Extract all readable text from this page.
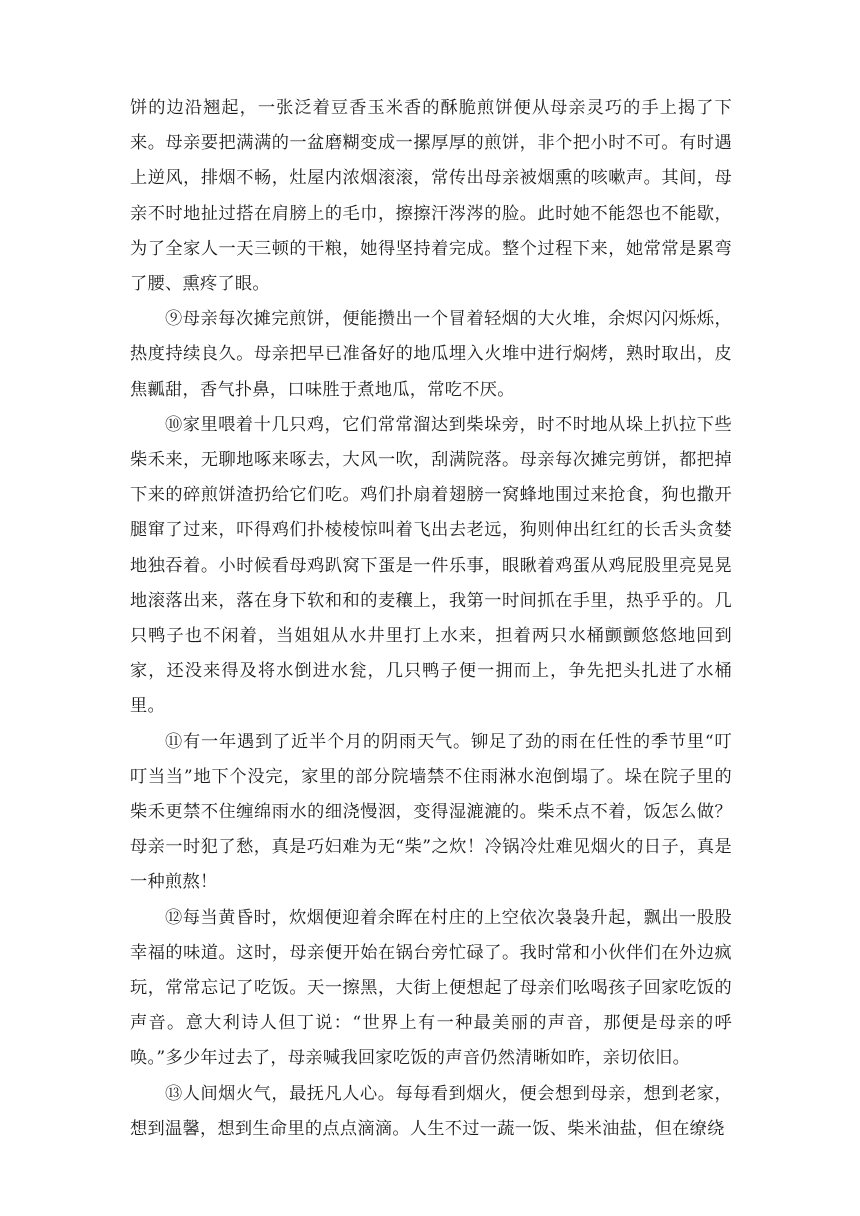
饼的边沿翘起，一张泛着豆香玉米香的酥脆煎饼便从母亲灵巧的手上揭了下来。母亲要把满满的一盆磨糊变成一摞厚厚的煎饼，非个把小时不可。有时遇上逆风，排烟不畅，灶屋内浓烟滚滚，常传出母亲被烟熏的咳嗽声。其间，母亲不时地扯过搭在肩膀上的毛巾，擦擦汗涔涔的脸。此时她不能怨也不能歇，为了全家人一天三顿的干粮，她得坚持着完成。整个过程下来，她常常是累弯了腰、熏疼了眼。

⑨母亲每次摊完煎饼，便能攒出一个冒着轻烟的大火堆，余烬闪闪烁烁，热度持续良久。母亲把早已准备好的地瓜埋入火堆中进行焖烤，熟时取出，皮焦瓤甜，香气扑鼻，口味胜于煮地瓜，常吃不厌。

⑩家里喂着十几只鸡，它们常常溜达到柴垛旁，时不时地从垛上扒拉下些柴禾来，无聊地啄来啄去，大风一吹，刮满院落。母亲每次摊完剪饼，都把掉下来的碎煎饼渣扔给它们吃。鸡们扑扇着翅膀一窝蜂地围过来抢食，狗也撒开腿窜了过来，吓得鸡们扑棱棱惊叫着飞出去老远，狗则伸出红红的长舌头贪婪地独吞着。小时候看母鸡趴窝下蛋是一件乐事，眼瞅着鸡蛋从鸡屁股里亮晃晃地滚落出来，落在身下软和和的麦穰上，我第一时间抓在手里，热乎乎的。几只鸭子也不闲着，当姐姐从水井里打上水来，担着两只水桶颤颤悠悠地回到家，还没来得及将水倒进水瓮，几只鸭子便一拥而上，争先把头扎进了水桶里。

⑪有一年遇到了近半个月的阴雨天气。铆足了劲的雨在任性的季节里“叮叮当当”地下个没完，家里的部分院墙禁不住雨淋水泡倒塌了。垛在院子里的柴禾更禁不住缠绵雨水的细浇慢洇，变得湿漉漉的。柴禾点不着，饭怎么做？母亲一时犯了愁，真是巧妇难为无“柴”之炊！冷锅冷灶难见烟火的日子，真是一种煎熬！

⑫每当黄昏时，炊烟便迎着余晖在村庄的上空依次袅袅升起，飘出一股股幸福的味道。这时，母亲便开始在锅台旁忙碌了。我时常和小伙伴们在外边疯玩，常常忘记了吃饭。天一擦黑，大街上便想起了母亲们吆喝孩子回家吃饭的声音。意大利诗人但丁说：“世界上有一种最美丽的声音，那便是母亲的呼唤。”多少年过去了，母亲喊我回家吃饭的声音仍然清晰如昨，亲切依旧。

⑬人间烟火气，最抚凡人心。每每看到烟火，便会想到母亲，想到老家，想到温馨，想到生命里的点点滴滴。人生不过一蔬一饭、柴米油盐，但在缭绕
